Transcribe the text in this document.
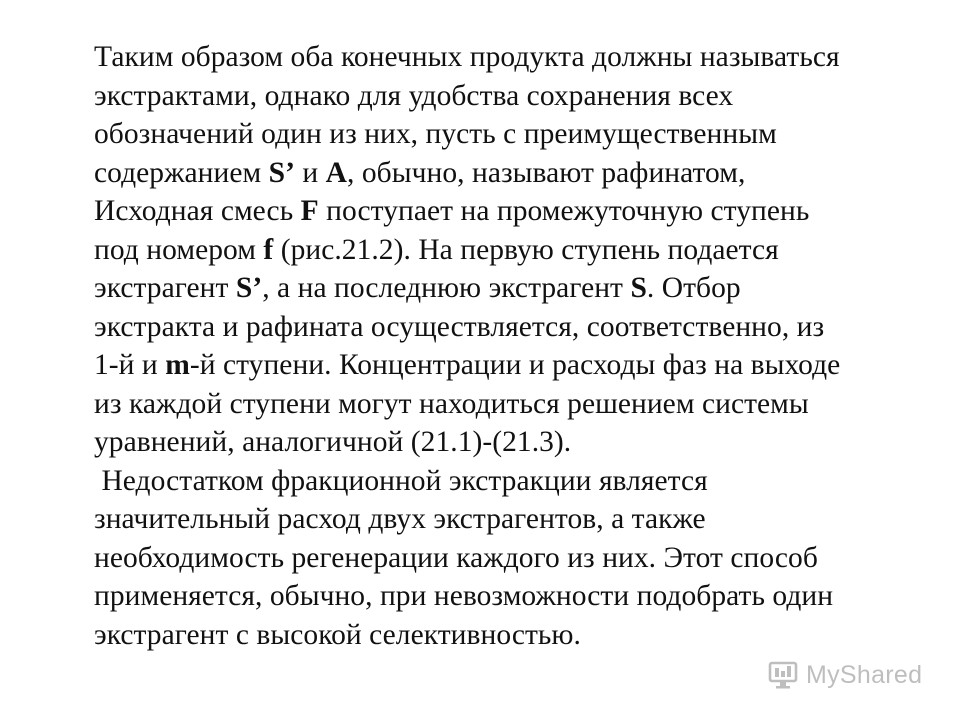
Таким образом оба конечных продукта должны называться
экстрактами, однако для удобства сохранения всех
обозначений один из них, пусть с преимущественным
содержанием S’ и A, обычно, называют рафинатом,
Исходная смесь F поступает на промежуточную ступень
под номером f (рис.21.2). На первую ступень подается
экстрагент S’, а на последнюю экстрагент S. Отбор
экстракта и рафината осуществляется, соответственно, из
1-й и m-й ступени. Концентрации и расходы фаз на выходе
из каждой ступени могут находиться решением системы
уравнений, аналогичной (21.1)-(21.3).
Недостатком фракционной экстракции является
значительный расход двух экстрагентов, а также
необходимость регенерации каждого из них. Этот способ
применяется, обычно, при невозможности подобрать один
экстрагент с высокой селективностью.
MyShared
